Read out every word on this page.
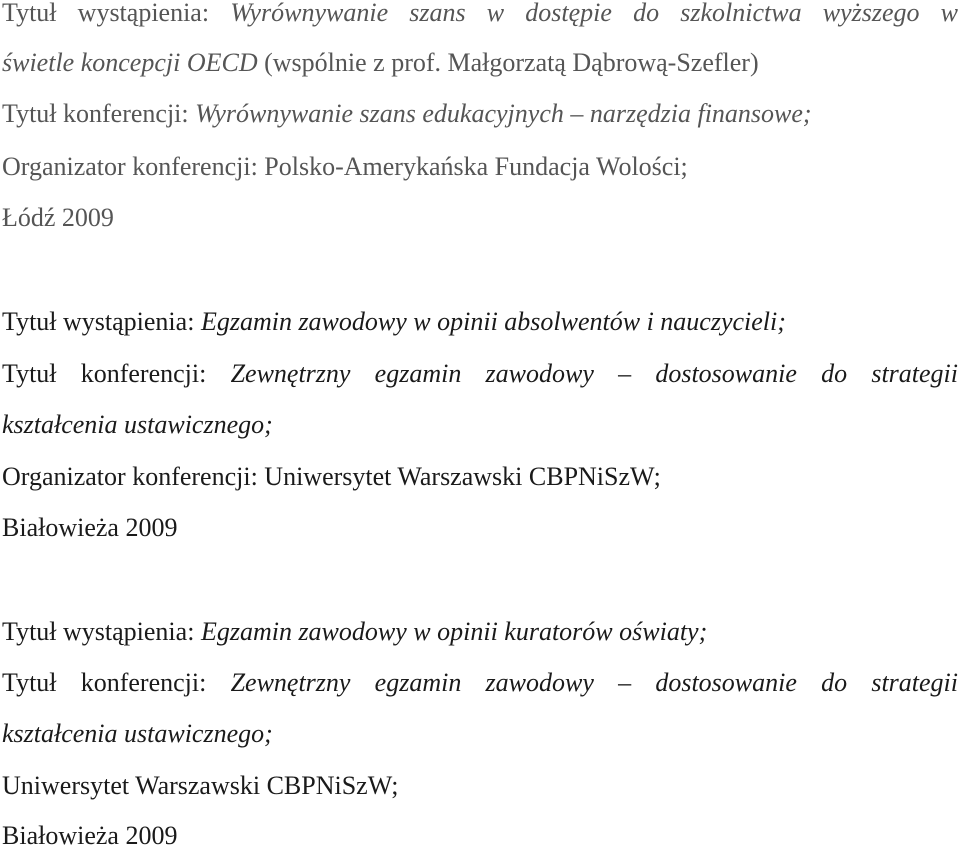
Tytuł wystąpienia: Wyrównywanie szans w dostępie do szkolnictwa wyższego w
świetle koncepcji OECD (wspólnie z prof. Małgorzatą Dąbrową-Szefler)
Tytuł konferencji: Wyrównywanie szans edukacyjnych – narzędzia finansowe;
Organizator konferencji: Polsko-Amerykańska Fundacja Wolości;
Łódź 2009
Tytuł wystąpienia: Egzamin zawodowy w opinii absolwentów i nauczycieli;
Tytuł konferencji: Zewnętrzny egzamin zawodowy – dostosowanie do strategii
kształcenia ustawicznego;
Organizator konferencji: Uniwersytet Warszawski CBPNiSzW;
Białowieża 2009
Tytuł wystąpienia: Egzamin zawodowy w opinii kuratorów oświaty;
Tytuł konferencji: Zewnętrzny egzamin zawodowy – dostosowanie do strategii
kształcenia ustawicznego;
Uniwersytet Warszawski CBPNiSzW;
Białowieża 2009
